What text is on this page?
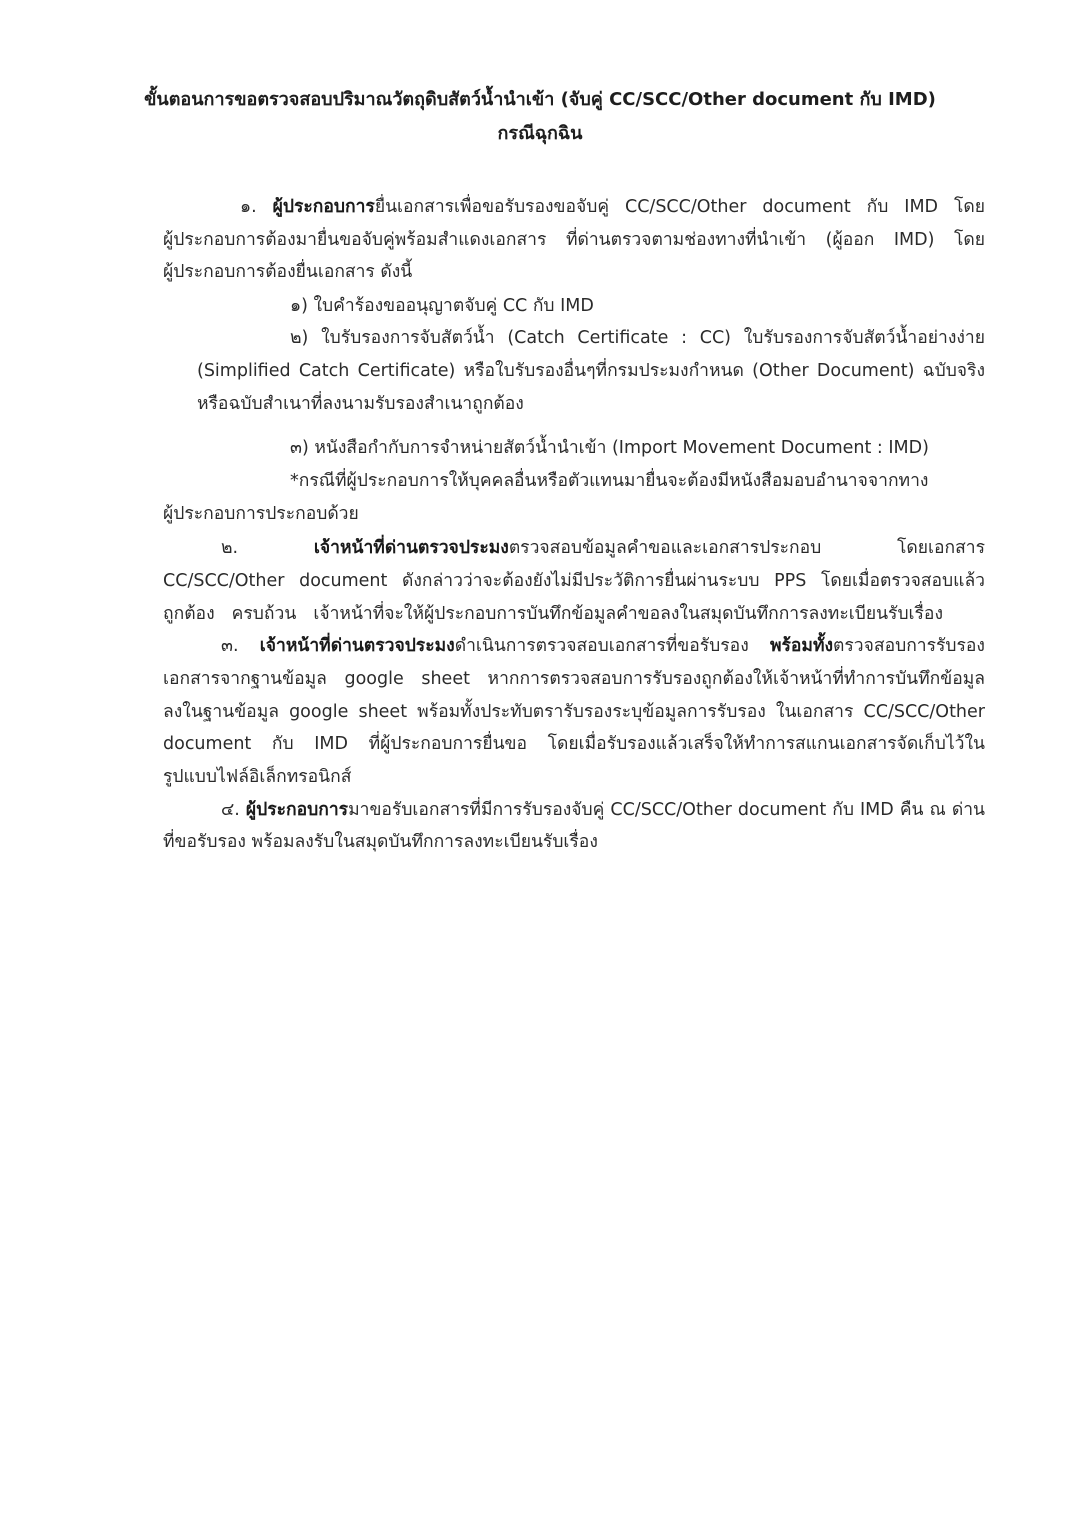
ขั้นตอนการขอตรวจสอบปริมาณวัตถุดิบสัตว์น้ำนำเข้า (จับคู่ CC/SCC/Other document กับ IMD)
กรณีฉุกฉิน
๑. ผู้ประกอบการยื่นเอกสารเพื่อขอรับรองขอจับคู่ CC/SCC/Other document กับ IMD โดย
ผู้ประกอบการต้องมายื่นขอจับคู่พร้อมสำแดงเอกสาร ที่ด่านตรวจตามช่องทางที่นำเข้า (ผู้ออก IMD) โดย
ผู้ประกอบการต้องยื่นเอกสาร ดังนี้
๑) ใบคำร้องขออนุญาตจับคู่ CC กับ IMD
๒) ใบรับรองการจับสัตว์น้ำ (Catch Certificate : CC) ใบรับรองการจับสัตว์น้ำอย่างง่าย
(Simplified Catch Certificate) หรือใบรับรองอื่นๆที่กรมประมงกำหนด (Other Document) ฉบับจริง
หรือฉบับสำเนาที่ลงนามรับรองสำเนาถูกต้อง
๓) หนังสือกำกับการจำหน่ายสัตว์น้ำนำเข้า (Import Movement Document : IMD)
*กรณีที่ผู้ประกอบการให้บุคคลอื่นหรือตัวแทนมายื่นจะต้องมีหนังสือมอบอำนาจจากทาง
ผู้ประกอบการประกอบด้วย
๒.	เจ้าหน้าที่ด่านตรวจประมงตรวจสอบข้อมูลคำขอและเอกสารประกอบ โดยเอกสาร
CC/SCC/Other document ดังกล่าวว่าจะต้องยังไม่มีประวัติการยื่นผ่านระบบ PPS โดยเมื่อตรวจสอบแล้ว
ถูกต้อง ครบถ้วน เจ้าหน้าที่จะให้ผู้ประกอบการบันทึกข้อมูลคำขอลงในสมุดบันทึกการลงทะเบียนรับเรื่อง
๓. เจ้าหน้าที่ด่านตรวจประมงดำเนินการตรวจสอบเอกสารที่ขอรับรอง พร้อมทั้งตรวจสอบการรับรอง
เอกสารจากฐานข้อมูล google sheet หากการตรวจสอบการรับรองถูกต้องให้เจ้าหน้าที่ทำการบันทึกข้อมูล
ลงในฐานข้อมูล google sheet พร้อมทั้งประทับตรารับรองระบุข้อมูลการรับรอง ในเอกสาร CC/SCC/Other
document กับ IMD ที่ผู้ประกอบการยื่นขอ โดยเมื่อรับรองแล้วเสร็จให้ทำการสแกนเอกสารจัดเก็บไว้ใน
รูปแบบไฟล์อิเล็กทรอนิกส์
๔. ผู้ประกอบการมาขอรับเอกสารที่มีการรับรองจับคู่ CC/SCC/Other document กับ IMD คืน ณ ด่าน
ที่ขอรับรอง พร้อมลงรับในสมุดบันทึกการลงทะเบียนรับเรื่อง
